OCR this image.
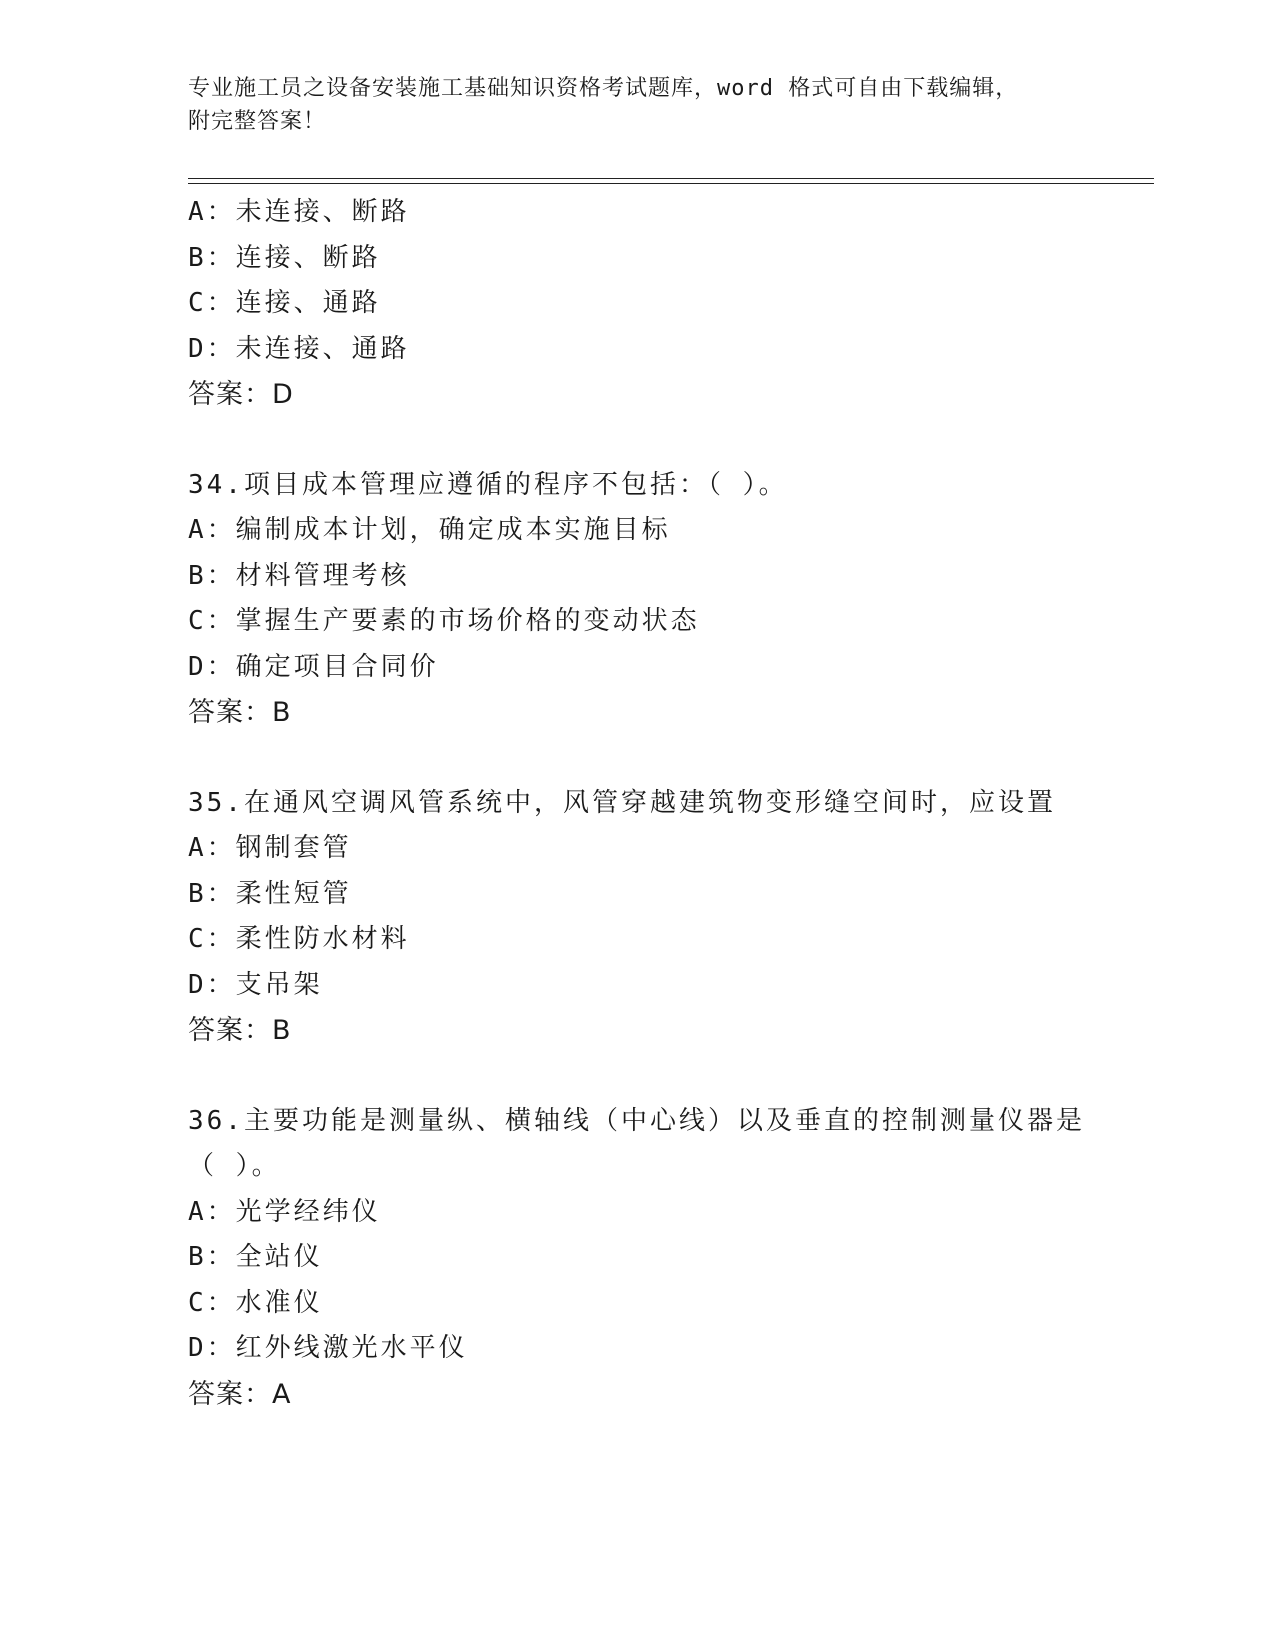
专业施工员之设备安装施工基础知识资格考试题库，word 格式可自由下载编辑，
附完整答案！
A：未连接、断路
B：连接、断路
C：连接、通路
D：未连接、通路
答案：D
34.项目成本管理应遵循的程序不包括：（ ）。
A：编制成本计划，确定成本实施目标
B：材料管理考核
C：掌握生产要素的市场价格的变动状态
D：确定项目合同价
答案：B
35.在通风空调风管系统中，风管穿越建筑物变形缝空间时，应设置
A：钢制套管
B：柔性短管
C：柔性防水材料
D：支吊架
答案：B
36.主要功能是测量纵、横轴线（中心线）以及垂直的控制测量仪器是
（ ）。
A：光学经纬仪
B：全站仪
C：水准仪
D：红外线激光水平仪
答案：A
